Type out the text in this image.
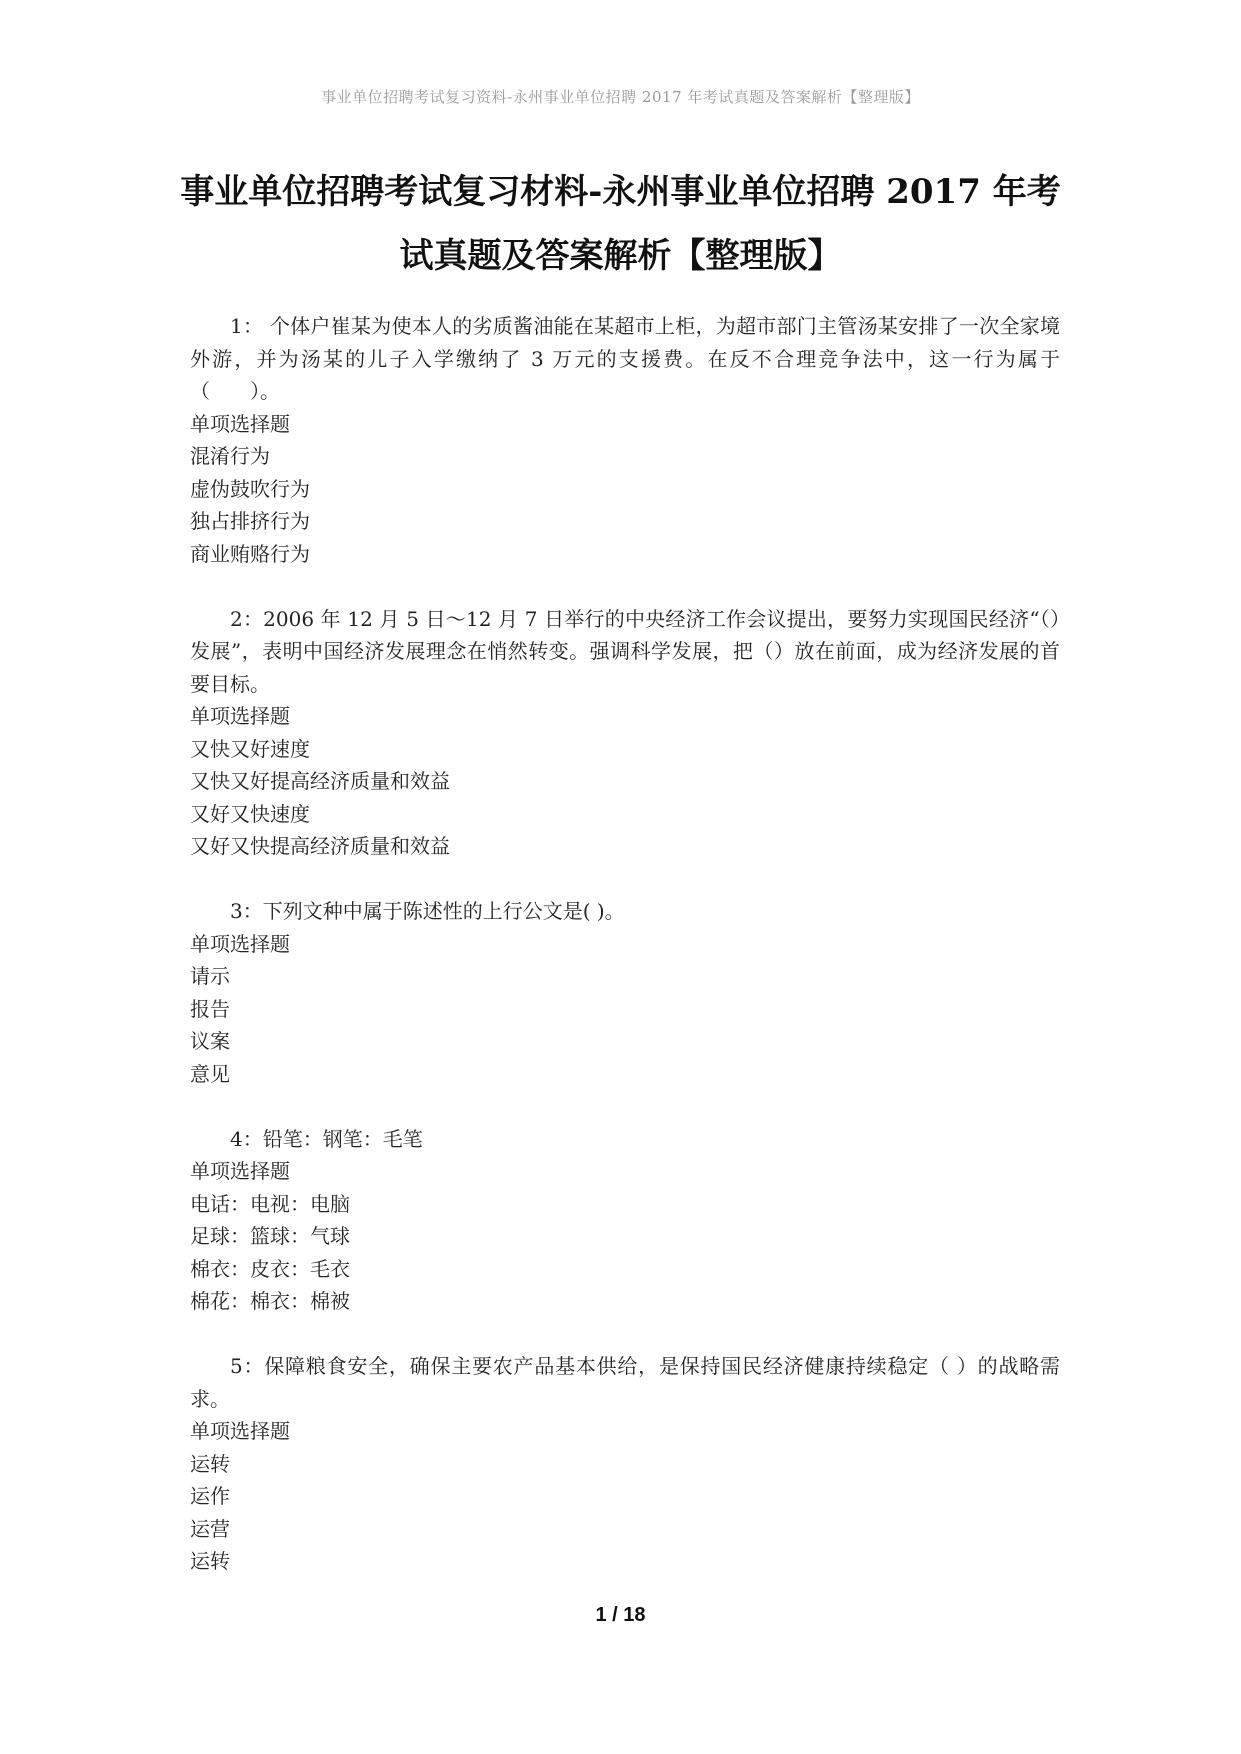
事业单位招聘考试复习资料-永州事业单位招聘 2017 年考试真题及答案解析【整理版】
事业单位招聘考试复习材料-永州事业单位招聘 2017 年考
试真题及答案解析【整理版】

1： 个体户崔某为使本人的劣质酱油能在某超市上柜，为超市部门主管汤某安排了一次全家境外游，并为汤某的儿子入学缴纳了 3 万元的支援费。在反不合理竞争法中，这一行为属于（　　）。

单项选择题

混淆行为

虚伪鼓吹行为

独占排挤行为

商业贿赂行为

2：2006 年 12 月 5 日～12 月 7 日举行的中央经济工作会议提出，要努力实现国民经济“（）发展”，表明中国经济发展理念在悄然转变。强调科学发展，把（）放在前面，成为经济发展的首要目标。

单项选择题

又快又好速度

又快又好提高经济质量和效益

又好又快速度

又好又快提高经济质量和效益

3：下列文种中属于陈述性的上行公文是( )。

单项选择题

请示

报告

议案

意见

4：铅笔：钢笔：毛笔

单项选择题

电话：电视：电脑

足球：篮球：气球

棉衣：皮衣：毛衣

棉花：棉衣：棉被

5：保障粮食安全，确保主要农产品基本供给，是保持国民经济健康持续稳定（ ）的战略需求。

单项选择题

运转

运作

运营

运转

1 / 18
